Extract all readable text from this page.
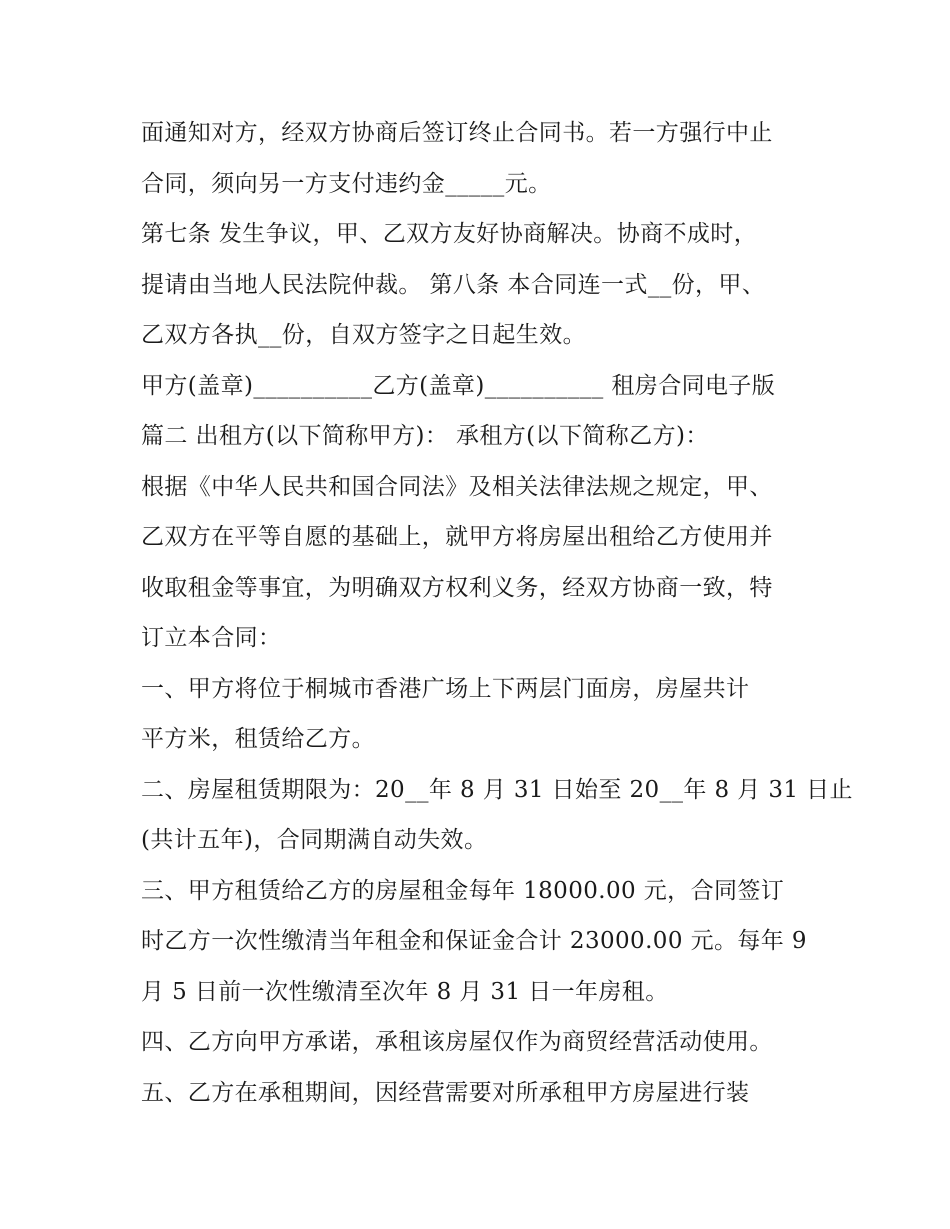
面通知对方，经双方协商后签订终止合同书。若一方强行中止
合同，须向另一方支付违约金_____元。
第七条 发生争议，甲、乙双方友好协商解决。协商不成时，
提请由当地人民法院仲裁。 第八条 本合同连一式__份，甲、
乙双方各执__份，自双方签字之日起生效。
甲方(盖章)__________乙方(盖章)__________ 租房合同电子版
篇二 出租方(以下简称甲方)： 承租方(以下简称乙方)：
根据《中华人民共和国合同法》及相关法律法规之规定，甲、
乙双方在平等自愿的基础上，就甲方将房屋出租给乙方使用并
收取租金等事宜，为明确双方权利义务，经双方协商一致，特
订立本合同：
一、甲方将位于桐城市香港广场上下两层门面房，房屋共计
平方米，租赁给乙方。
二、房屋租赁期限为：20__年 8 月 31 日始至 20__年 8 月 31 日止
(共计五年)，合同期满自动失效。
三、甲方租赁给乙方的房屋租金每年 18000.00 元，合同签订
时乙方一次性缴清当年租金和保证金合计 23000.00 元。每年 9
月 5 日前一次性缴清至次年 8 月 31 日一年房租。
四、乙方向甲方承诺，承租该房屋仅作为商贸经营活动使用。
五、乙方在承租期间，因经营需要对所承租甲方房屋进行装
